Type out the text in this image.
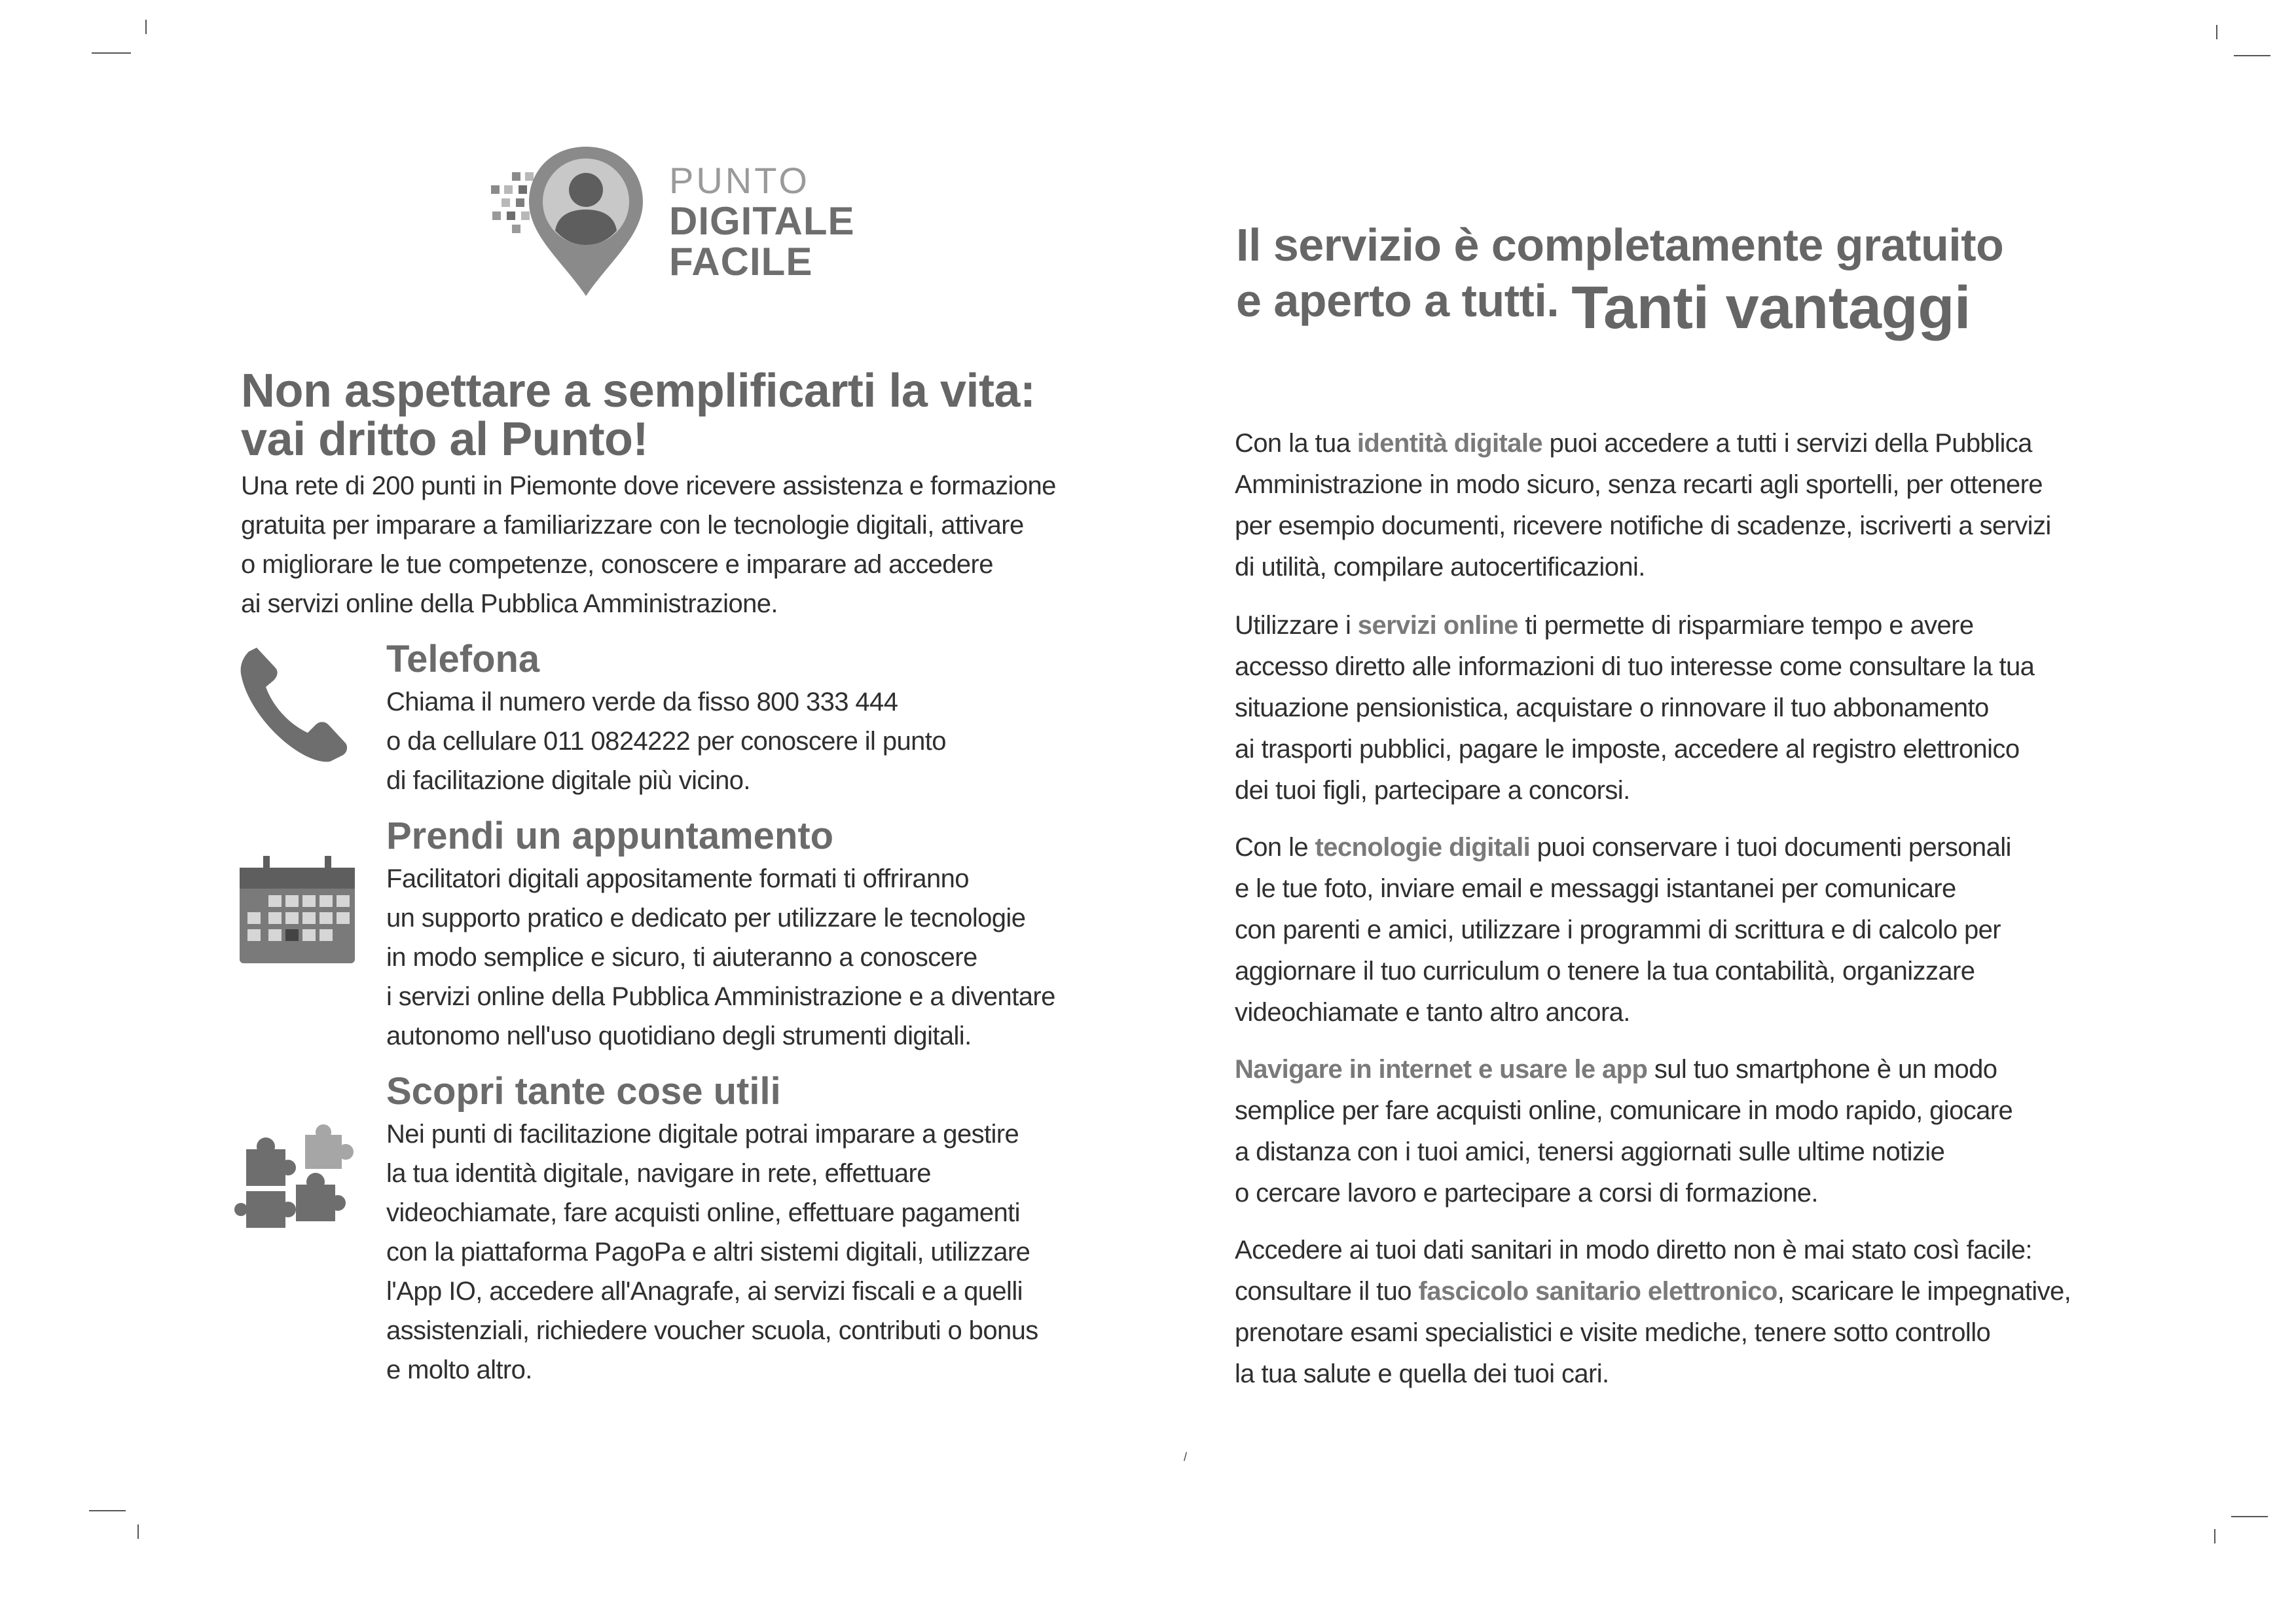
/
PUNTO
DIGITALE
FACILE
Non aspettare a semplificarti la vita:
vai dritto al Punto!
Una rete di 200 punti in Piemonte dove ricevere assistenza e formazione
gratuita per imparare a familiarizzare con le tecnologie digitali, attivare
o migliorare le tue competenze, conoscere e imparare ad accedere
ai servizi online della Pubblica Amministrazione.
Telefona
Chiama il numero verde da fisso 800 333 444
o da cellulare 011 0824222 per conoscere il punto
di facilitazione digitale più vicino.
Prendi un appuntamento
Facilitatori digitali appositamente formati ti offriranno
un supporto pratico e dedicato per utilizzare le tecnologie
in modo semplice e sicuro, ti aiuteranno a conoscere
i servizi online della Pubblica Amministrazione e a diventare
autonomo nell'uso quotidiano degli strumenti digitali.
Scopri tante cose utili
Nei punti di facilitazione digitale potrai imparare a gestire
la tua identità digitale, navigare in rete, effettuare
videochiamate, fare acquisti online, effettuare pagamenti
con la piattaforma PagoPa e altri sistemi digitali, utilizzare
l'App IO, accedere all'Anagrafe, ai servizi fiscali e a quelli
assistenziali, richiedere voucher scuola, contributi o bonus
e molto altro.
Il servizio è completamente gratuito
e aperto a tutti. Tanti vantaggi
Con la tua identità digitale puoi accedere a tutti i servizi della Pubblica
Amministrazione in modo sicuro, senza recarti agli sportelli, per ottenere
per esempio documenti, ricevere notifiche di scadenze, iscriverti a servizi
di utilità, compilare autocertificazioni.
Utilizzare i servizi online ti permette di risparmiare tempo e avere
accesso diretto alle informazioni di tuo interesse come consultare la tua
situazione pensionistica, acquistare o rinnovare il tuo abbonamento
ai trasporti pubblici, pagare le imposte, accedere al registro elettronico
dei tuoi figli, partecipare a concorsi.
Con le tecnologie digitali puoi conservare i tuoi documenti personali
e le tue foto, inviare email e messaggi istantanei per comunicare
con parenti e amici, utilizzare i programmi di scrittura e di calcolo per
aggiornare il tuo curriculum o tenere la tua contabilità, organizzare
videochiamate e tanto altro ancora.
Navigare in internet e usare le app sul tuo smartphone è un modo
semplice per fare acquisti online, comunicare in modo rapido, giocare
a distanza con i tuoi amici, tenersi aggiornati sulle ultime notizie
o cercare lavoro e partecipare a corsi di formazione.
Accedere ai tuoi dati sanitari in modo diretto non è mai stato così facile:
consultare il tuo fascicolo sanitario elettronico, scaricare le impegnative,
prenotare esami specialistici e visite mediche, tenere sotto controllo
la tua salute e quella dei tuoi cari.
